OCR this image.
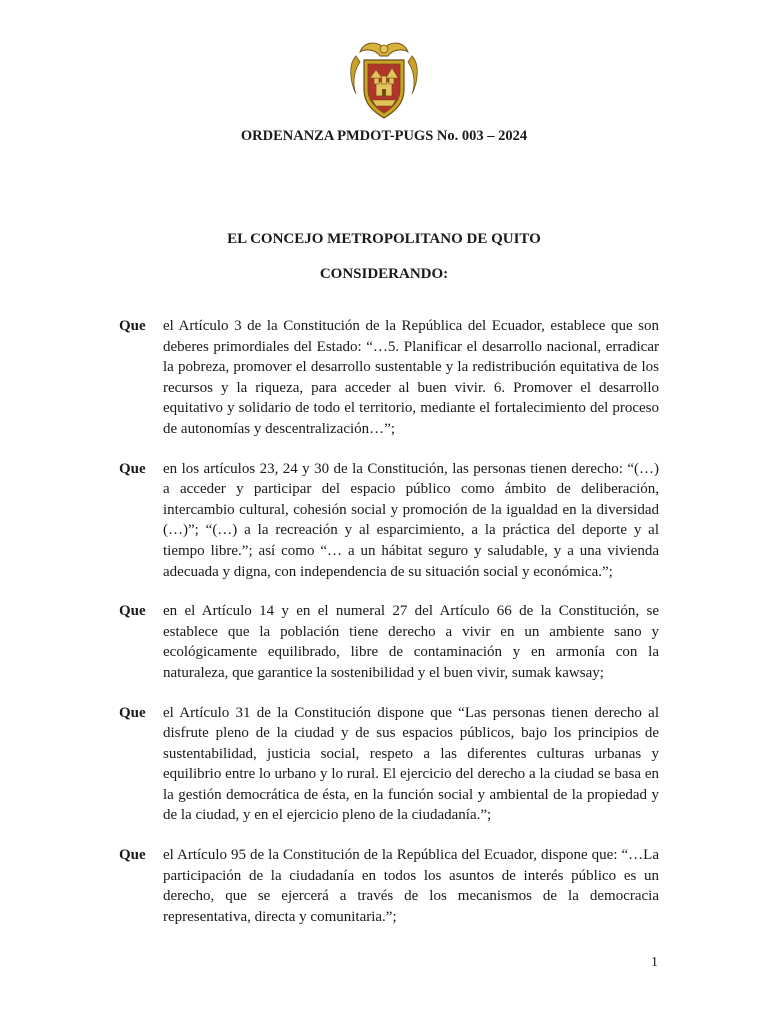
ORDENANZA PMDOT-PUGS No. 003 – 2024
EL CONCEJO METROPOLITANO DE QUITO
CONSIDERANDO:
Que	el Artículo 3 de la Constitución de la República del Ecuador, establece que son deberes primordiales del Estado: “…5. Planificar el desarrollo nacional, erradicar la pobreza, promover el desarrollo sustentable y la redistribución equitativa de los recursos y la riqueza, para acceder al buen vivir. 6. Promover el desarrollo equitativo y solidario de todo el territorio, mediante el fortalecimiento del proceso de autonomías y descentralización…”;

Que	en los artículos 23, 24 y 30 de la Constitución, las personas tienen derecho: “(…) a acceder y participar del espacio público como ámbito de deliberación, intercambio cultural, cohesión social y promoción de la igualdad en la diversidad (…)”; “(…) a la recreación y al esparcimiento, a la práctica del deporte y al tiempo libre.”; así como “… a un hábitat seguro y saludable, y a una vivienda adecuada y digna, con independencia de su situación social y económica.”;

Que	en el Artículo 14 y en el numeral 27 del Artículo 66 de la Constitución, se establece que la población tiene derecho a vivir en un ambiente sano y ecológicamente equilibrado, libre de contaminación y en armonía con la naturaleza, que garantice la sostenibilidad y el buen vivir, sumak kawsay;

Que	el Artículo 31 de la Constitución dispone que “Las personas tienen derecho al disfrute pleno de la ciudad y de sus espacios públicos, bajo los principios de sustentabilidad, justicia social, respeto a las diferentes culturas urbanas y equilibrio entre lo urbano y lo rural. El ejercicio del derecho a la ciudad se basa en la gestión democrática de ésta, en la función social y ambiental de la propiedad y de la ciudad, y en el ejercicio pleno de la ciudadanía.”;

Que	el Artículo 95 de la Constitución de la República del Ecuador, dispone que: “…La participación de la ciudadanía en todos los asuntos de interés público es un derecho, que se ejercerá a través de los mecanismos de la democracia representativa, directa y comunitaria.”;

1
